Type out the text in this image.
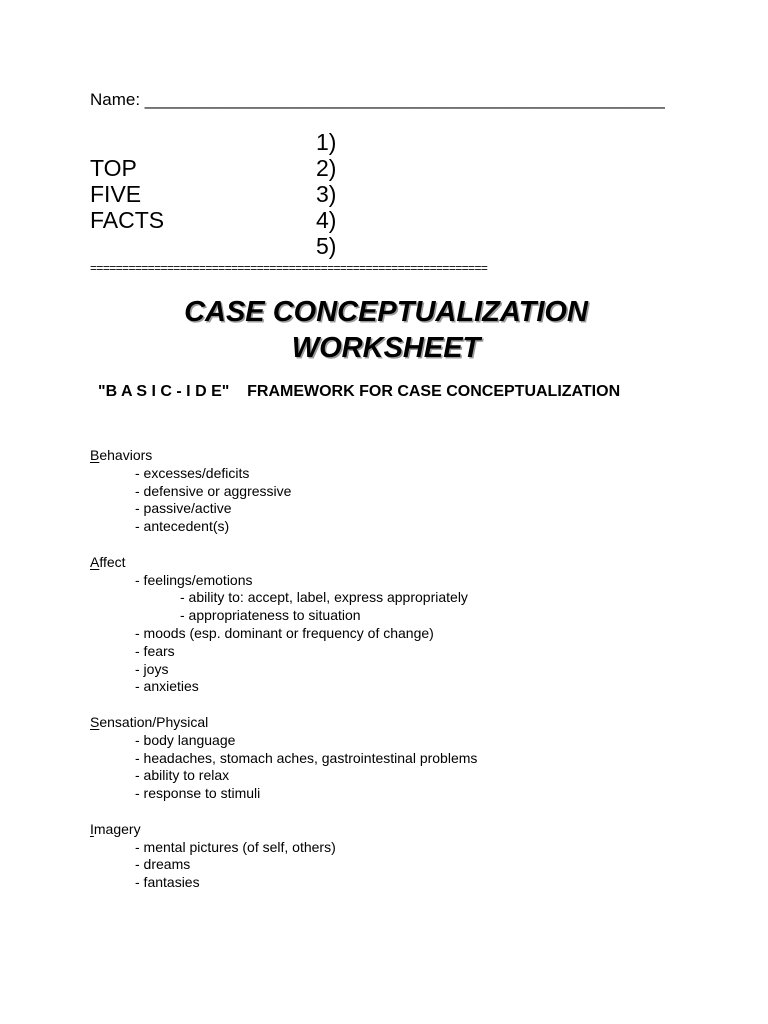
Name: _______________________________________________________
TOP
FIVE
FACTS
1)
2)
3)
4)
5)
==============================================================
CASE CONCEPTUALIZATION
WORKSHEET
"B A S I C - I D E"    FRAMEWORK FOR CASE CONCEPTUALIZATION
Behaviors
- excesses/deficits
- defensive or aggressive
- passive/active
- antecedent(s)
Affect
- feelings/emotions
- ability to: accept, label, express appropriately
- appropriateness to situation
- moods (esp. dominant or frequency of change)
- fears
- joys
- anxieties
Sensation/Physical
- body language
- headaches, stomach aches, gastrointestinal problems
- ability to relax
- response to stimuli
Imagery
- mental pictures (of self, others)
- dreams
- fantasies
